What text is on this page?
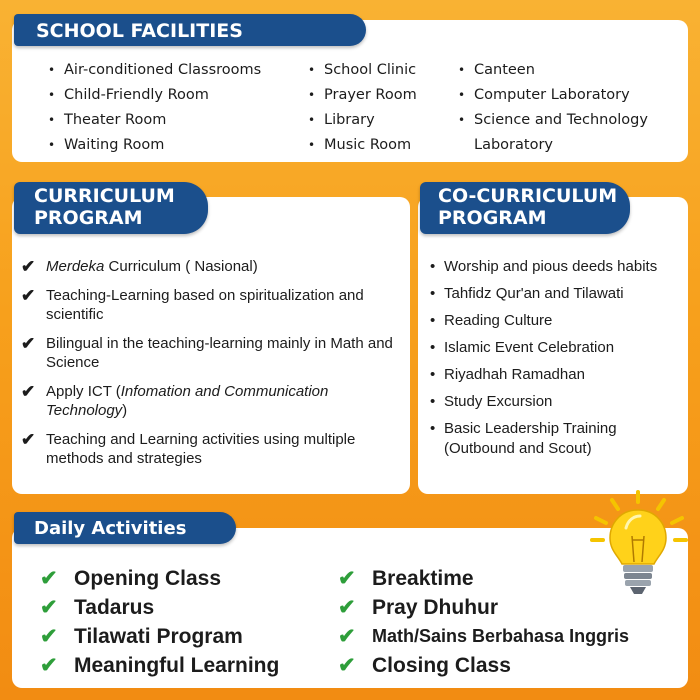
• Air-conditioned Classrooms
• Child-Friendly Room
• Theater Room
• Waiting Room
• School Clinic
• Prayer Room
• Library
• Music Room
• Canteen
• Computer Laboratory
• Science and Technology
Laboratory
SCHOOL FACILITIES
✔ Merdeka Curriculum ( Nasional)
✔ Teaching-Learning based on spiritualization and scientific
✔ Bilingual in the teaching-learning mainly in Math and Science
✔ Apply ICT (Infomation and Communication Technology)
✔ Teaching and Learning activities using multiple methods and strategies
CURRICULUM
PROGRAM
• Worship and pious deeds habits
• Tahfidz Qur'an and Tilawati
• Reading Culture
• Islamic Event Celebration
• Riyadhah Ramadhan
• Study Excursion
• Basic Leadership Training (Outbound and Scout)
CO-CURRICULUM
PROGRAM
✔ Opening Class
✔ Tadarus
✔ Tilawati Program
✔ Meaningful Learning
✔ Breaktime
✔ Pray Dhuhur
✔ Math/Sains Berbahasa Inggris
✔ Closing Class
Daily Activities
